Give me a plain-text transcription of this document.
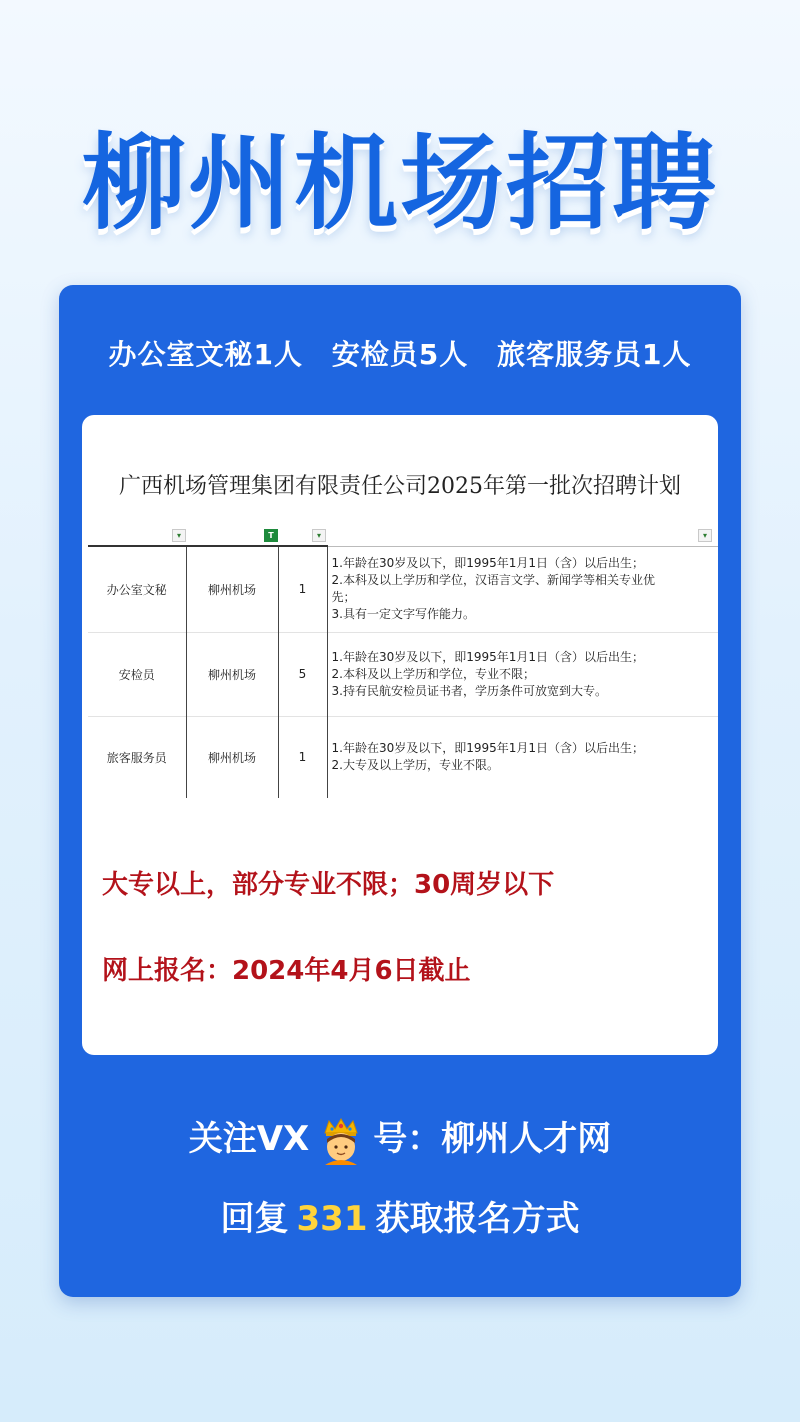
柳州机场招聘
办公室文秘1人 安检员5人 旅客服务员1人
广西机场管理集团有限责任公司2025年第一批次招聘计划
▾	T	▾	▾
办公室文秘	柳州机场	1	1.年龄在30岁及以下，即1995年1月1日（含）以后出生；
2.本科及以上学历和学位，汉语言文学、新闻学等相关专业优
先；
3.具有一定文字写作能力。

安检员	柳州机场	5	1.年龄在30岁及以下，即1995年1月1日（含）以后出生；
2.本科及以上学历和学位，专业不限；
3.持有民航安检员证书者，学历条件可放宽到大专。

旅客服务员	柳州机场	1	1.年龄在30岁及以下，即1995年1月1日（含）以后出生；
2.大专及以上学历，专业不限。
大专以上，部分专业不限；30周岁以下
网上报名：2024年4月6日截止
关注VX 号：柳州人才网
回复 331 获取报名方式
